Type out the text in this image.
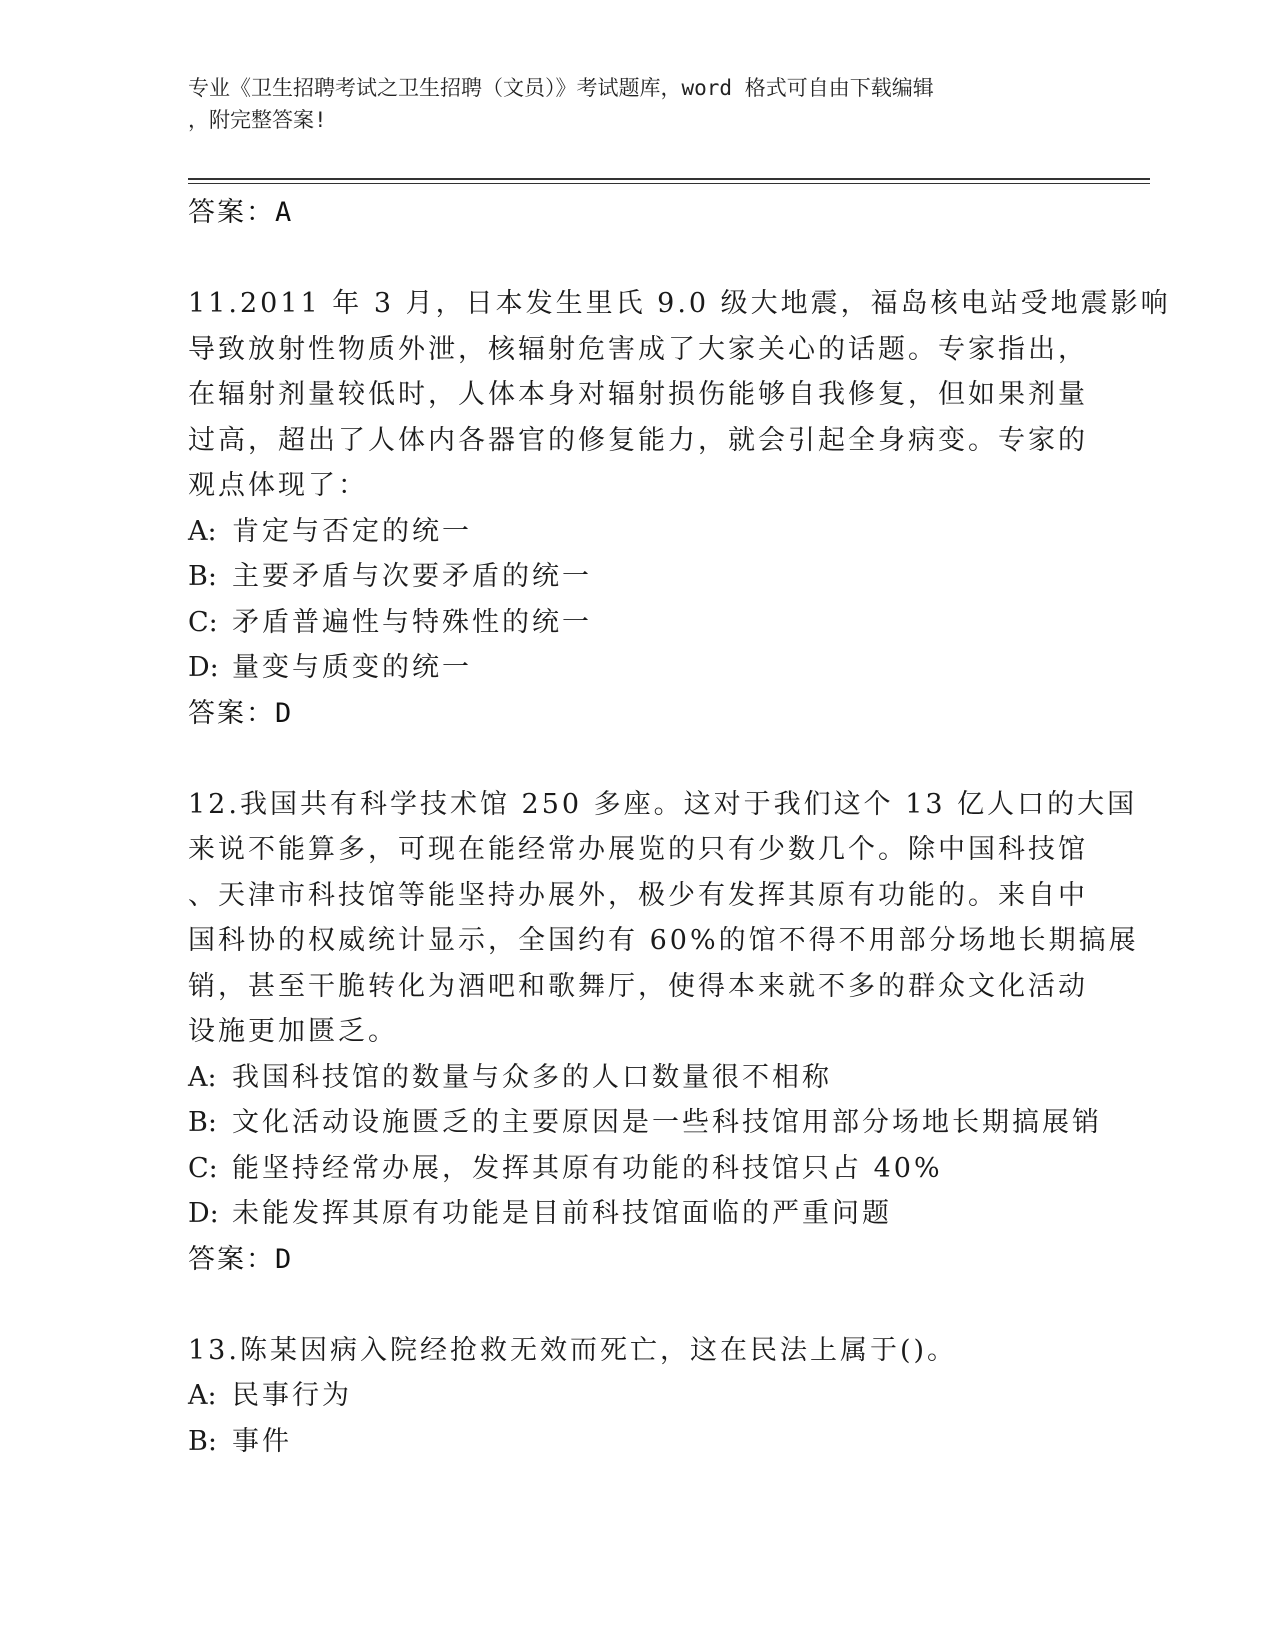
专业《卫生招聘考试之卫生招聘（文员）》考试题库，word 格式可自由下载编辑
，附完整答案!
答案：A
11.2011 年 3 月，日本发生里氏 9.0 级大地震，福岛核电站受地震影响
导致放射性物质外泄，核辐射危害成了大家关心的话题。专家指出，
在辐射剂量较低时，人体本身对辐射损伤能够自我修复，但如果剂量
过高，超出了人体内各器官的修复能力，就会引起全身病变。专家的
观点体现了：
A: 肯定与否定的统一
B: 主要矛盾与次要矛盾的统一
C: 矛盾普遍性与特殊性的统一
D: 量变与质变的统一
答案：D
12.我国共有科学技术馆 250 多座。这对于我们这个 13 亿人口的大国
来说不能算多，可现在能经常办展览的只有少数几个。除中国科技馆
、天津市科技馆等能坚持办展外，极少有发挥其原有功能的。来自中
国科协的权威统计显示，全国约有 60%的馆不得不用部分场地长期搞展
销，甚至干脆转化为酒吧和歌舞厅，使得本来就不多的群众文化活动
设施更加匮乏。
A: 我国科技馆的数量与众多的人口数量很不相称
B: 文化活动设施匮乏的主要原因是一些科技馆用部分场地长期搞展销
C: 能坚持经常办展，发挥其原有功能的科技馆只占 40%
D: 未能发挥其原有功能是目前科技馆面临的严重问题
答案：D
13.陈某因病入院经抢救无效而死亡，这在民法上属于()。
A: 民事行为
B: 事件
